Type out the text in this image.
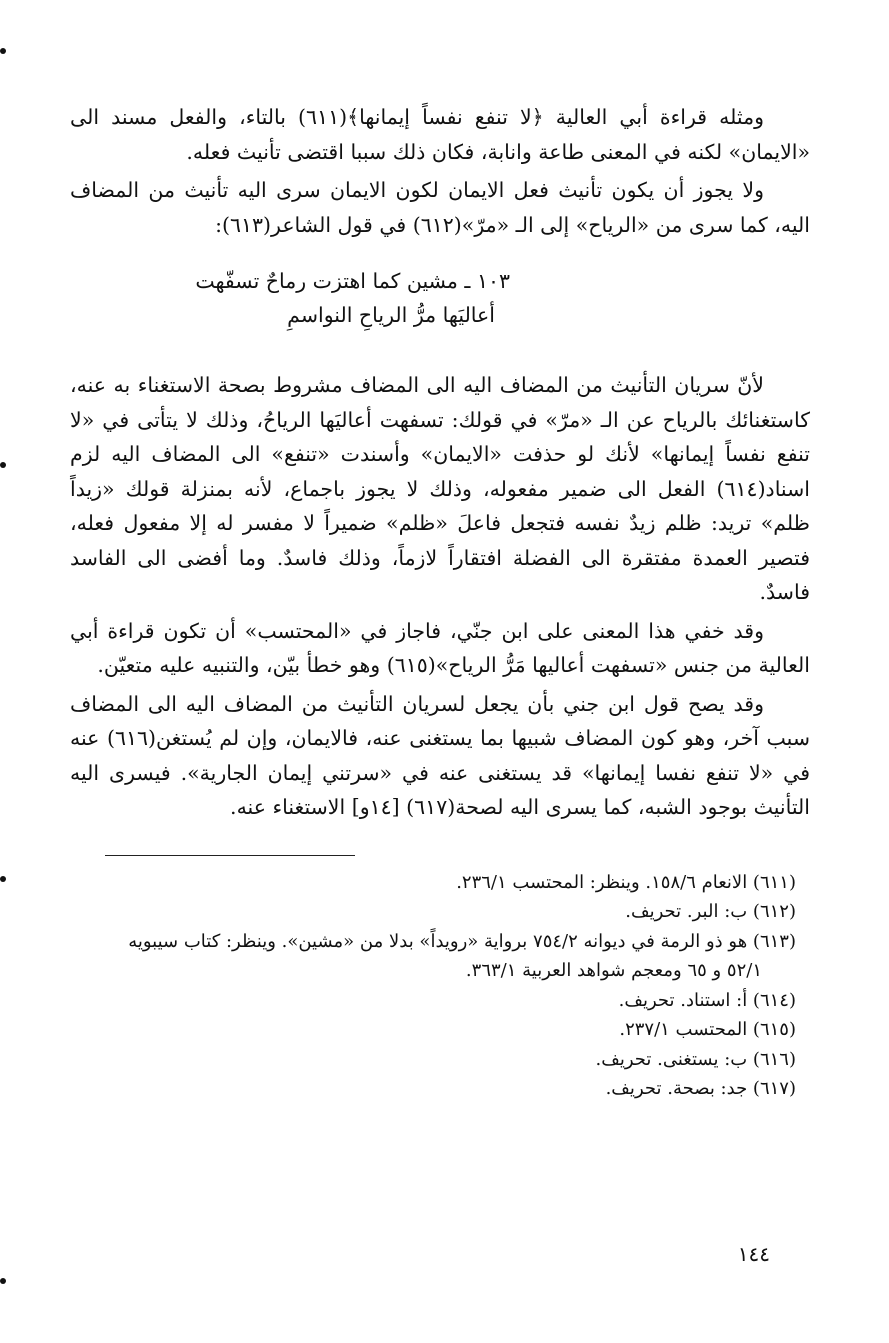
ومثله قراءة أبي العالية ﴿لا تنفع نفساً إيمانها﴾(٦١١) بالتاء، والفعل مسند الى «الايمان» لكنه في المعنى طاعة وانابة، فكان ذلك سببا اقتضى تأنيث فعله.

ولا يجوز أن يكون تأنيث فعل الايمان لكون الايمان سرى اليه تأنيث من المضاف اليه، كما سرى من «الرياح» إلى الـ «مرّ»(٦١٢) في قول الشاعر(٦١٣):

١٠٣ ـ مشين كما اهتزت رماحٌ تسفّهت
أعاليَها مرُّ الرياحِ النواسمِ

لأنّ سريان التأنيث من المضاف اليه الى المضاف مشروط بصحة الاستغناء به عنه، كاستغنائك بالرياح عن الـ «مرّ» في قولك: تسفهت أعاليَها الرياحُ، وذلك لا يتأتى في «لا تنفع نفساً إيمانها» لأنك لو حذفت «الايمان» وأسندت «تنفع» الى المضاف اليه لزم اسناد(٦١٤) الفعل الى ضمير مفعوله، وذلك لا يجوز باجماع، لأنه بمنزلة قولك «زيداً ظلم» تريد: ظلم زيدٌ نفسه فتجعل فاعلَ «ظلم» ضميراً لا مفسر له إلا مفعول فعله، فتصير العمدة مفتقرة الى الفضلة افتقاراً لازماً، وذلك فاسدٌ. وما أفضى الى الفاسد فاسدٌ.

وقد خفي هذا المعنى على ابن جنّي، فاجاز في «المحتسب» أن تكون قراءة أبي العالية من جنس «تسفهت أعاليها مَرُّ الرياح»(٦١٥) وهو خطأ بيّن، والتنبيه عليه متعيّن.

وقد يصح قول ابن جني بأن يجعل لسريان التأنيث من المضاف اليه الى المضاف سبب آخر، وهو كون المضاف شبيها بما يستغنى عنه، فالايمان، وإن لم يُستغن(٦١٦) عنه في «لا تنفع نفسا إيمانها» قد يستغنى عنه في «سرتني إيمان الجارية». فيسرى اليه التأنيث بوجود الشبه، كما يسرى اليه لصحة(٦١٧) [١٤و] الاستغناء عنه.

(٦١١) الانعام ١٥٨/٦. وينظر: المحتسب ٢٣٦/١.
(٦١٢) ب: البر. تحريف.
(٦١٣) هو ذو الرمة في ديوانه ٧٥٤/٢ برواية «رويداً» بدلا من «مشين». وينظر: كتاب سيبويه
٥٢/١ و ٦٥ ومعجم شواهد العربية ٣٦٣/١.
(٦١٤) أ: استناد. تحريف.
(٦١٥) المحتسب ٢٣٧/١.
(٦١٦) ب: يستغنى. تحريف.
(٦١٧) جد: بصحة. تحريف.
١٤٤
